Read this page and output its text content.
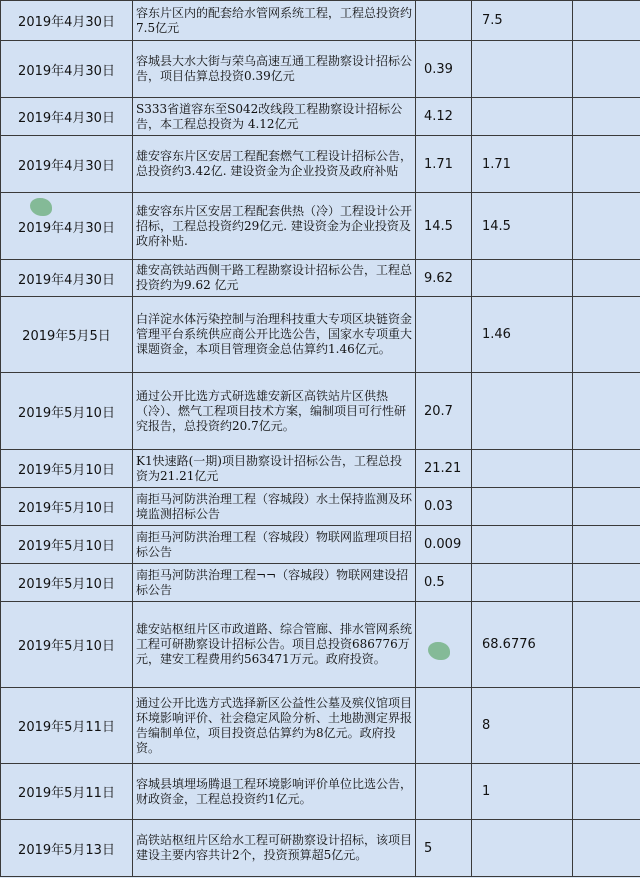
2019年4月30日	容东片区内的配套给水管网系统工程，工程总投资约7.5亿元		7.5	
2019年4月30日	容城县大水大街与荣乌高速互通工程勘察设计招标公告，项目估算总投资0.39亿元	0.39		
2019年4月30日	S333省道容东至S042改线段工程勘察设计招标公告，本工程总投资为 4.12亿元	4.12		
2019年4月30日	雄安容东片区安居工程配套燃气工程设计招标公告，总投资约3.42亿. 建设资金为企业投资及政府补贴	1.71	1.71	
2019年4月30日	雄安容东片区安居工程配套供热（冷）工程设计公开招标，工程总投资约29亿元. 建设资金为企业投资及政府补贴.	14.5	14.5	
2019年4月30日	雄安高铁站西侧干路工程勘察设计招标公告，工程总投资约为9.62 亿元	9.62		
2019年5月5日	白洋淀水体污染控制与治理科技重大专项区块链资金管理平台系统供应商公开比选公告，国家水专项重大课题资金，本项目管理资金总估算约1.46亿元。		1.46	
2019年5月10日	通过公开比选方式研选雄安新区高铁站片区供热（冷）、燃气工程项目技术方案，编制项目可行性研究报告，总投资约20.7亿元。	20.7		
2019年5月10日	K1快速路(一期)项目勘察设计招标公告，工程总投资为21.21亿元	21.21		
2019年5月10日	南拒马河防洪治理工程（容城段）水土保持监测及环境监测招标公告	0.03		
2019年5月10日	南拒马河防洪治理工程（容城段）物联网监理项目招标公告	0.009		
2019年5月10日	南拒马河防洪治理工程¬¬（容城段）物联网建设招标公告	0.5		
2019年5月10日	雄安站枢纽片区市政道路、综合管廊、排水管网系统工程可研勘察设计招标公告。项目总投资686776万元，建安工程费用约563471万元。政府投资。		68.6776	
2019年5月11日	通过公开比选方式选择新区公益性公墓及殡仪馆项目环境影响评价、社会稳定风险分析、土地勘测定界报告编制单位，项目投资总估算约为8亿元。政府投资。		8	
2019年5月11日	容城县填埋场腾退工程环境影响评价单位比选公告，财政资金，工程总投资约1亿元。		1	
2019年5月13日	高铁站枢纽片区给水工程可研勘察设计招标，该项目建设主要内容共计2个，投资预算超5亿元。	5		
